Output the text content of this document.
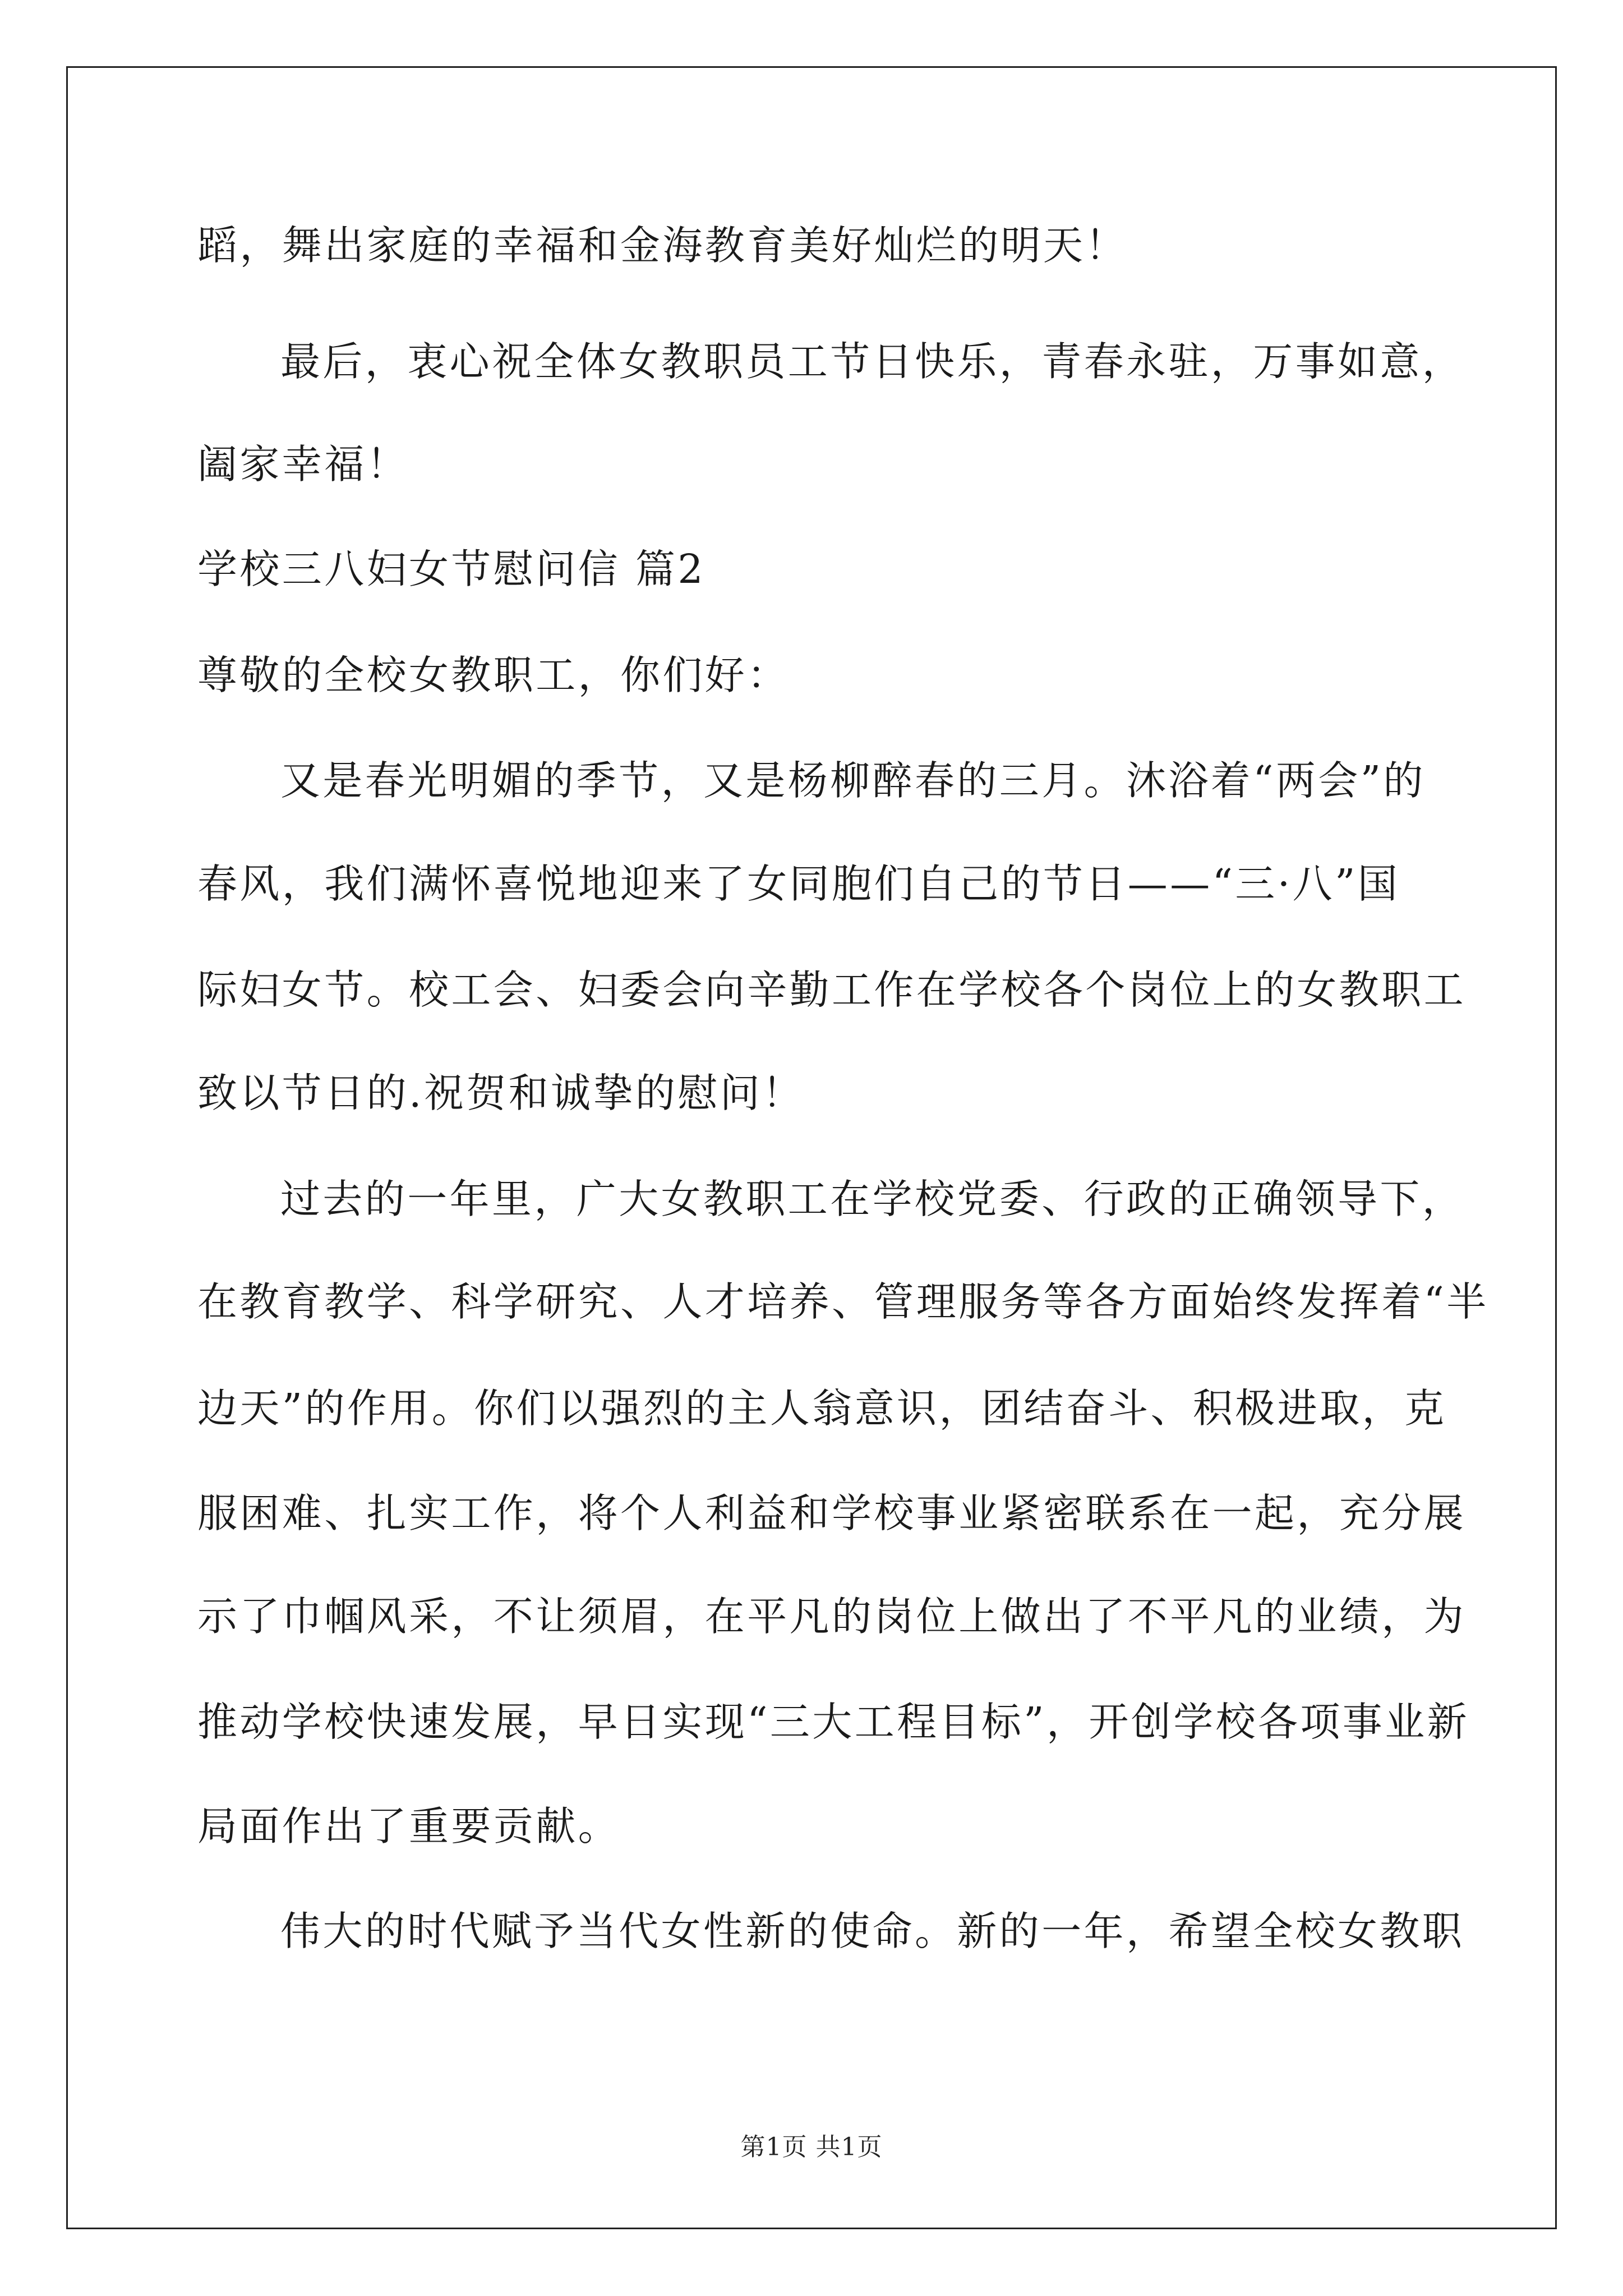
蹈，舞出家庭的幸福和金海教育美好灿烂的明天！
最后，衷心祝全体女教职员工节日快乐，青春永驻，万事如意，
阖家幸福！
学校三八妇女节慰问信 篇2
尊敬的全校女教职工，你们好：
又是春光明媚的季节，又是杨柳醉春的三月。沐浴着“两会”的
春风，我们满怀喜悦地迎来了女同胞们自己的节日——“三·八”国
际妇女节。校工会、妇委会向辛勤工作在学校各个岗位上的女教职工
致以节日的.祝贺和诚挚的慰问！
过去的一年里，广大女教职工在学校党委、行政的正确领导下，
在教育教学、科学研究、人才培养、管理服务等各方面始终发挥着“半
边天”的作用。你们以强烈的主人翁意识，团结奋斗、积极进取，克
服困难、扎实工作，将个人利益和学校事业紧密联系在一起，充分展
示了巾帼风采，不让须眉，在平凡的岗位上做出了不平凡的业绩，为
推动学校快速发展，早日实现“三大工程目标”，开创学校各项事业新
局面作出了重要贡献。
伟大的时代赋予当代女性新的使命。新的一年，希望全校女教职
第1页 共1页
